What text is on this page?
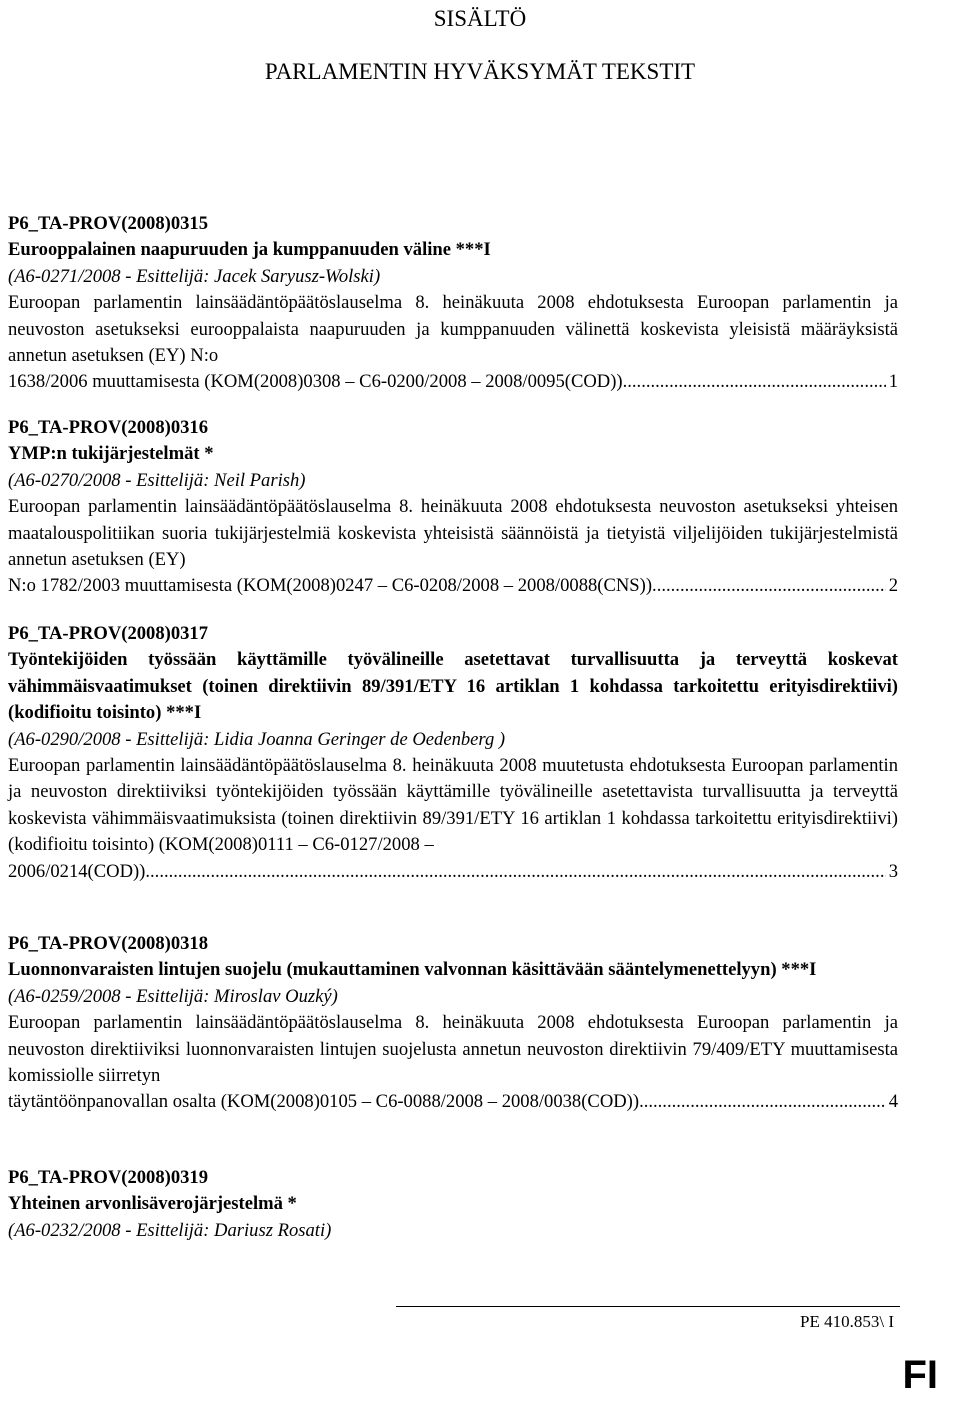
SISÄLTÖ
PARLAMENTIN HYVÄKSYMÄT TEKSTIT

P6_TA-PROV(2008)0315

Eurooppalainen naapuruuden ja kumppanuuden väline ***I

(A6-0271/2008 - Esittelijä: Jacek Saryusz-Wolski)

Euroopan parlamentin lainsäädäntöpäätöslauselma 8. heinäkuuta 2008 ehdotuksesta Euroopan parlamentin ja neuvoston asetukseksi eurooppalaista naapuruuden ja kumppanuuden välinettä koskevista yleisistä määräyksistä annetun asetuksen (EY) N:o

1638/2006 muuttamisesta (KOM(2008)0308 – C6-0200/2008 – 2008/0095(COD)) .....	1

P6_TA-PROV(2008)0316

YMP:n tukijärjestelmät *

(A6-0270/2008 - Esittelijä: Neil Parish)

Euroopan parlamentin lainsäädäntöpäätöslauselma 8. heinäkuuta 2008 ehdotuksesta neuvoston asetukseksi yhteisen maatalouspolitiikan suoria tukijärjestelmiä koskevista yhteisistä säännöistä ja tietyistä viljelijöiden tukijärjestelmistä annetun asetuksen (EY)

N:o 1782/2003 muuttamisesta (KOM(2008)0247 – C6-0208/2008 – 2008/0088(CNS)) .....	2

P6_TA-PROV(2008)0317

Työntekijöiden työssään käyttämille työvälineille asetettavat turvallisuutta ja terveyttä koskevat vähimmäisvaatimukset (toinen direktiivin 89/391/ETY 16 artiklan 1 kohdassa tarkoitettu erityisdirektiivi) (kodifioitu toisinto) ***I

(A6-0290/2008 - Esittelijä: Lidia Joanna Geringer de Oedenberg )

Euroopan parlamentin lainsäädäntöpäätöslauselma 8. heinäkuuta 2008 muutetusta ehdotuksesta Euroopan parlamentin ja neuvoston direktiiviksi työntekijöiden työssään käyttämille työvälineille asetettavista turvallisuutta ja terveyttä koskevista vähimmäisvaatimuksista (toinen direktiivin 89/391/ETY 16 artiklan 1 kohdassa tarkoitettu erityisdirektiivi) (kodifioitu toisinto) (KOM(2008)0111 – C6-0127/2008 –

2006/0214(COD)) .....	3

P6_TA-PROV(2008)0318

Luonnonvaraisten lintujen suojelu (mukauttaminen valvonnan käsittävään sääntelymenettelyyn) ***I

(A6-0259/2008 - Esittelijä: Miroslav Ouzký)

Euroopan parlamentin lainsäädäntöpäätöslauselma 8. heinäkuuta 2008 ehdotuksesta Euroopan parlamentin ja neuvoston direktiiviksi luonnonvaraisten lintujen suojelusta annetun neuvoston direktiivin 79/409/ETY muuttamisesta komissiolle siirretyn

täytäntöönpanovallan osalta (KOM(2008)0105 – C6-0088/2008 – 2008/0038(COD)) .....	4

P6_TA-PROV(2008)0319

Yhteinen arvonlisäverojärjestelmä *

(A6-0232/2008 - Esittelijä: Dariusz Rosati)

PE 410.853\ I
FI
